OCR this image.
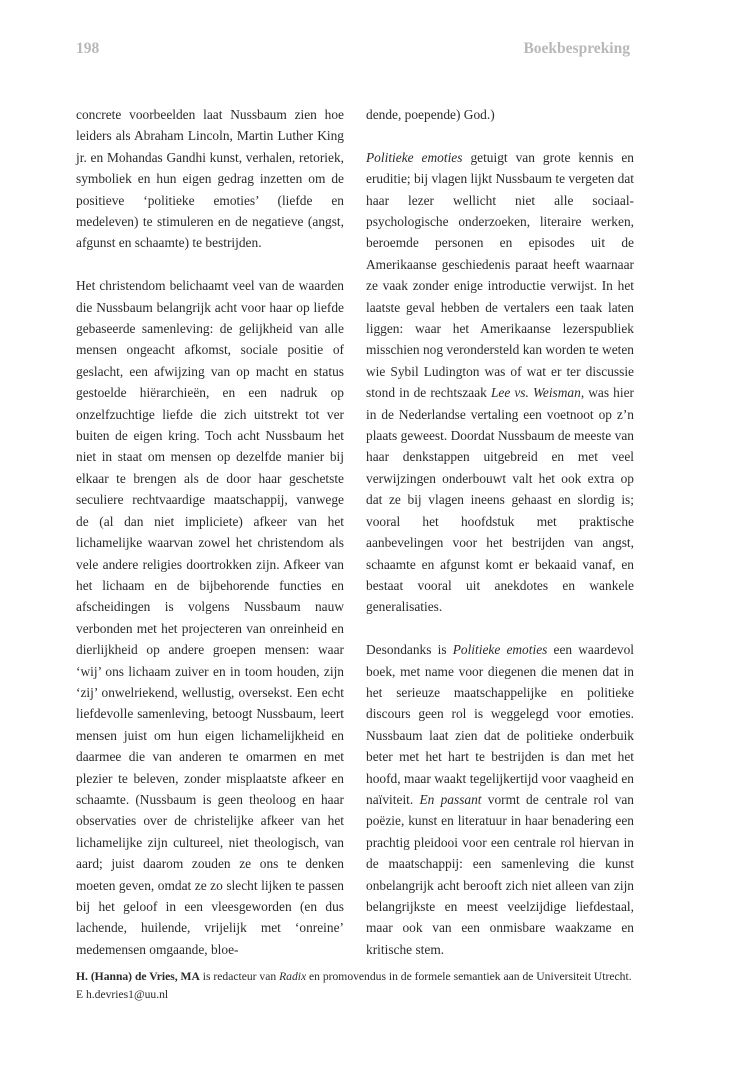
198	Boekbespreking

concrete voorbeelden laat Nussbaum zien hoe leiders als Abraham Lincoln, Martin Luther King jr. en Mohandas Gandhi kunst, verhalen, retoriek, symboliek en hun eigen gedrag inzetten om de positieve ‘politieke emoties’ (liefde en medeleven) te stimuleren en de negatieve (angst, afgunst en schaamte) te bestrijden.

Het christendom belichaamt veel van de waarden die Nussbaum belangrijk acht voor haar op liefde gebaseerde samenleving: de gelijkheid van alle mensen ongeacht afkomst, sociale positie of geslacht, een afwijzing van op macht en status gestoelde hiërarchieën, en een nadruk op onzelfzuchtige liefde die zich uitstrekt tot ver buiten de eigen kring. Toch acht Nussbaum het niet in staat om mensen op dezelfde manier bij elkaar te brengen als de door haar geschetste seculiere rechtvaardige maatschappij, vanwege de (al dan niet impliciete) afkeer van het lichamelijke waarvan zowel het christendom als vele andere religies doortrokken zijn. Afkeer van het lichaam en de bijbehorende functies en afscheidingen is volgens Nussbaum nauw verbonden met het projecteren van onreinheid en dierlijkheid op andere groepen mensen: waar ‘wij’ ons lichaam zuiver en in toom houden, zijn ‘zij’ onwelriekend, wellustig, oversekst. Een echt liefdevolle samenleving, betoogt Nussbaum, leert mensen juist om hun eigen lichamelijkheid en daarmee die van anderen te omarmen en met plezier te beleven, zonder misplaatste afkeer en schaamte. (Nussbaum is geen theoloog en haar observaties over de christelijke afkeer van het lichamelijke zijn cultureel, niet theologisch, van aard; juist daarom zouden ze ons te denken moeten geven, omdat ze zo slecht lijken te passen bij het geloof in een vleesgeworden (en dus lachende, huilende, vrijelijk met ‘onreine’ medemensen omgaande, bloe-

dende, poepende) God.)

Politieke emoties getuigt van grote kennis en eruditie; bij vlagen lijkt Nussbaum te vergeten dat haar lezer wellicht niet alle sociaal-psychologische onderzoeken, literaire werken, beroemde personen en episodes uit de Amerikaanse geschiedenis paraat heeft waarnaar ze vaak zonder enige introductie verwijst. In het laatste geval hebben de vertalers een taak laten liggen: waar het Amerikaanse lezerspubliek misschien nog verondersteld kan worden te weten wie Sybil Ludington was of wat er ter discussie stond in de rechtszaak Lee vs. Weisman, was hier in de Nederlandse vertaling een voetnoot op z’n plaats geweest. Doordat Nussbaum de meeste van haar denkstappen uitgebreid en met veel verwijzingen onderbouwt valt het ook extra op dat ze bij vlagen ineens gehaast en slordig is; vooral het hoofdstuk met praktische aanbevelingen voor het bestrijden van angst, schaamte en afgunst komt er bekaaid vanaf, en bestaat vooral uit anekdotes en wankele generalisaties.

Desondanks is Politieke emoties een waardevol boek, met name voor diegenen die menen dat in het serieuze maatschappelijke en politieke discours geen rol is weggelegd voor emoties. Nussbaum laat zien dat de politieke onderbuik beter met het hart te bestrijden is dan met het hoofd, maar waakt tegelijkertijd voor vaagheid en naïviteit. En passant vormt de centrale rol van poëzie, kunst en literatuur in haar benadering een prachtig pleidooi voor een centrale rol hiervan in de maatschappij: een samenleving die kunst onbelangrijk acht berooft zich niet alleen van zijn belangrijkste en meest veelzijdige liefdestaal, maar ook van een onmisbare waakzame en kritische stem.

H. (Hanna) de Vries, MA is redacteur van Radix en promovendus in de formele semantiek aan de Universiteit Utrecht. E h.devries1@uu.nl
